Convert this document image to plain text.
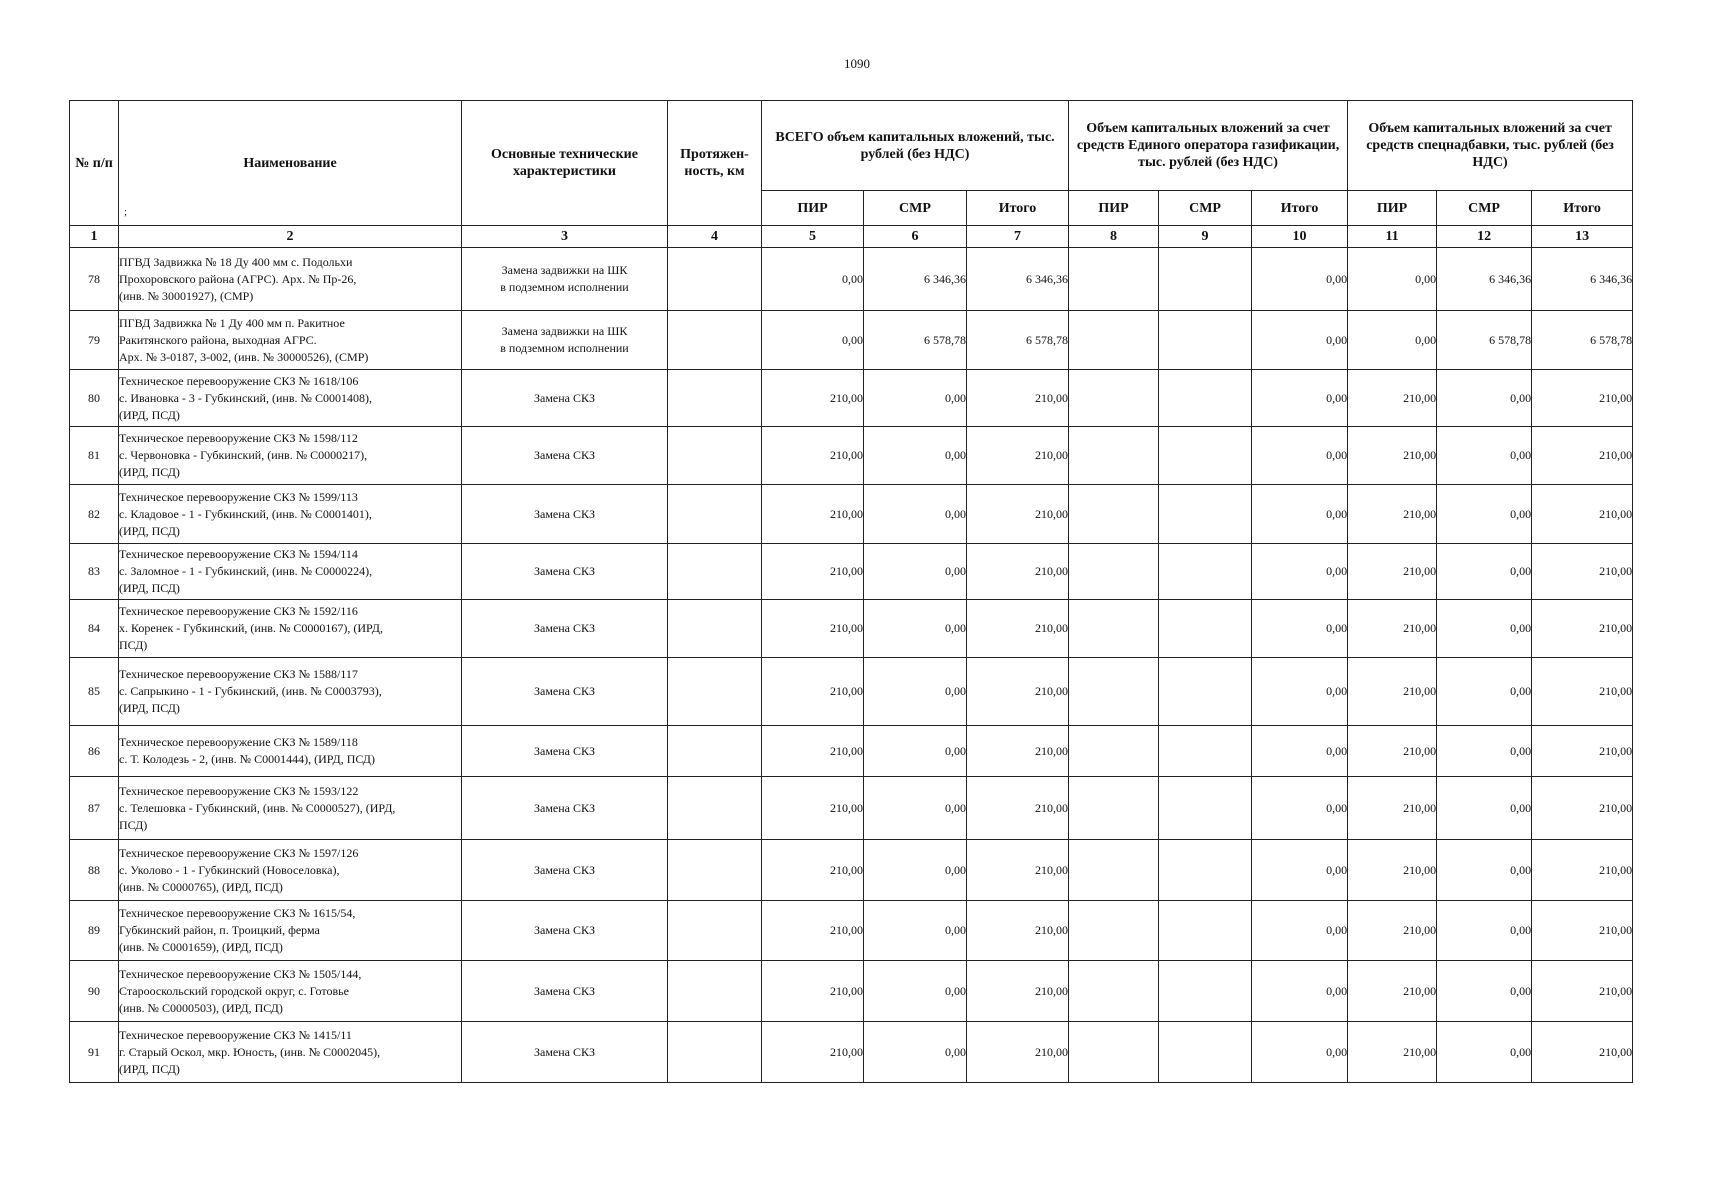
1090
№ п/п	Наименование
;	Основные технические характеристики	Протяжен-ность, км	ВСЕГО объем капитальных вложений, тыс. рублей (без НДС)			Объем капитальных вложений за счет средств Единого оператора газификации, тыс. рублей (без НДС)			Объем капитальных вложений за счет средств спецнадбавки, тыс. рублей (без НДС)		
				ПИР	СМР	Итого	ПИР	СМР	Итого	ПИР	СМР	Итого
1	2	3	4	5	6	7	8	9	10	11	12	13
78	ПГВД Задвижка № 18 Ду 400 мм с. Подольхи
Прохоровского района (АГРС). Арх. № Пр-26,
(инв. № 30001927), (СМР)	Замена задвижки на ШК
в подземном исполнении		0,00	6 346,36	6 346,36			0,00	0,00	6 346,36	6 346,36
79	ПГВД Задвижка № 1 Ду 400 мм п. Ракитное
Ракитянского района, выходная АГРС.
Арх. № 3-0187, 3-002, (инв. № 30000526), (СМР)	Замена задвижки на ШК
в подземном исполнении		0,00	6 578,78	6 578,78			0,00	0,00	6 578,78	6 578,78
80	Техническое перевооружение СКЗ № 1618/106
с. Ивановка - 3 - Губкинский, (инв. № С0001408),
(ИРД, ПСД)	Замена СКЗ		210,00	0,00	210,00			0,00	210,00	0,00	210,00
81	Техническое перевооружение СКЗ № 1598/112
с. Червоновка - Губкинский, (инв. № С0000217),
(ИРД, ПСД)	Замена СКЗ		210,00	0,00	210,00			0,00	210,00	0,00	210,00
82	Техническое перевооружение СКЗ № 1599/113
с. Кладовое - 1 - Губкинский, (инв. № С0001401),
(ИРД, ПСД)	Замена СКЗ		210,00	0,00	210,00			0,00	210,00	0,00	210,00
83	Техническое перевооружение СКЗ № 1594/114
с. Заломное - 1 - Губкинский, (инв. № С0000224),
(ИРД, ПСД)	Замена СКЗ		210,00	0,00	210,00			0,00	210,00	0,00	210,00
84	Техническое перевооружение СКЗ № 1592/116
х. Коренек - Губкинский, (инв. № С0000167), (ИРД,
ПСД)	Замена СКЗ		210,00	0,00	210,00			0,00	210,00	0,00	210,00
85	Техническое перевооружение СКЗ № 1588/117
с. Сапрыкино - 1 - Губкинский, (инв. № С0003793),
(ИРД, ПСД)	Замена СКЗ		210,00	0,00	210,00			0,00	210,00	0,00	210,00
86	Техническое перевооружение СКЗ № 1589/118
с. Т. Колодезь - 2, (инв. № С0001444), (ИРД, ПСД)	Замена СКЗ		210,00	0,00	210,00			0,00	210,00	0,00	210,00
87	Техническое перевооружение СКЗ № 1593/122
с. Телешовка - Губкинский, (инв. № С0000527), (ИРД,
ПСД)	Замена СКЗ		210,00	0,00	210,00			0,00	210,00	0,00	210,00
88	Техническое перевооружение СКЗ № 1597/126
с. Уколово - 1 - Губкинский (Новоселовка),
(инв. № С0000765), (ИРД, ПСД)	Замена СКЗ		210,00	0,00	210,00			0,00	210,00	0,00	210,00
89	Техническое перевооружение СКЗ № 1615/54,
Губкинский район, п. Троицкий, ферма
(инв. № С0001659), (ИРД, ПСД)	Замена СКЗ		210,00	0,00	210,00			0,00	210,00	0,00	210,00
90	Техническое перевооружение СКЗ № 1505/144,
Старооскольский городской округ, с. Готовье
(инв. № С0000503), (ИРД, ПСД)	Замена СКЗ		210,00	0,00	210,00			0,00	210,00	0,00	210,00
91	Техническое перевооружение СКЗ № 1415/11
г. Старый Оскол, мкр. Юность, (инв. № С0002045),
(ИРД, ПСД)	Замена СКЗ		210,00	0,00	210,00			0,00	210,00	0,00	210,00
